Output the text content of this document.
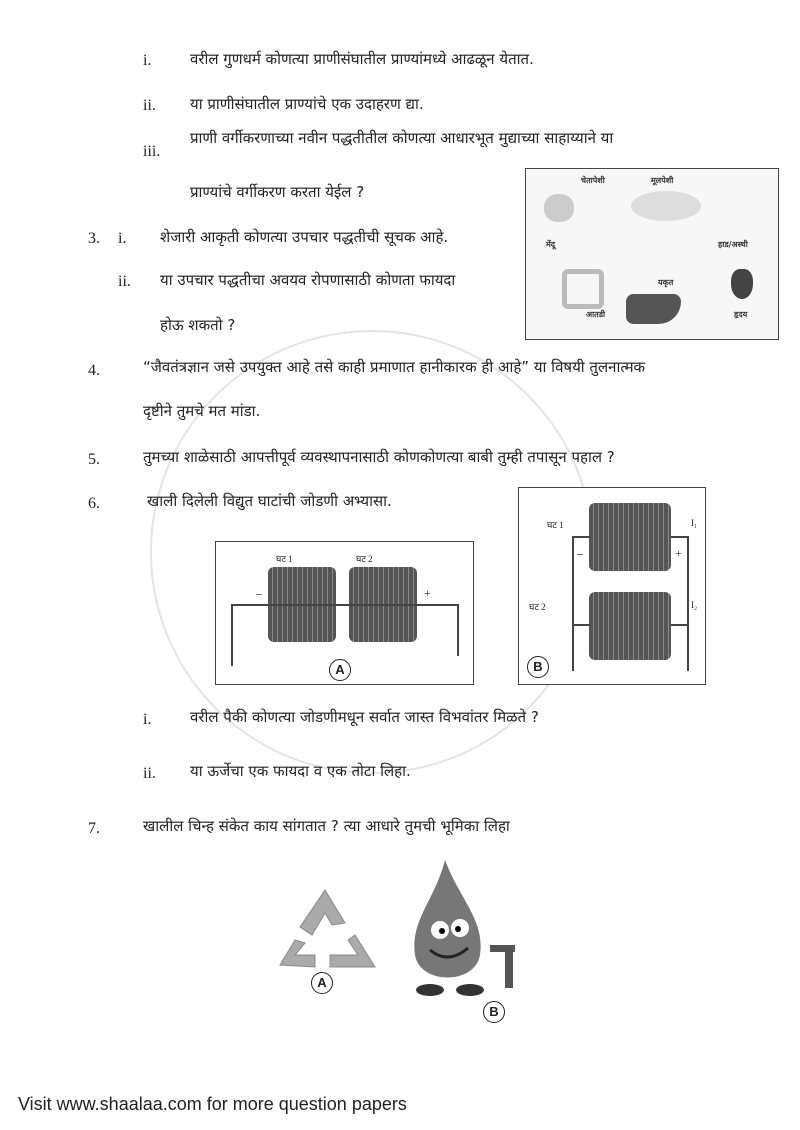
i.	वरील गुणधर्म कोणत्या प्राणीसंघातील प्राण्यांमध्ये आढळून येतात.
ii. या प्राणीसंघातील प्राण्यांचे एक उदाहरण द्या.
iii.
प्राणी वर्गीकरणाच्या नवीन पद्धतीतील कोणत्या आधारभूत मुद्याच्या साहाय्याने या
प्राण्यांचे वर्गीकरण करता येईल ?
3. i. शेजारी आकृती कोणत्या उपचार पद्धतीची सूचक आहे.
ii. या उपचार पद्धतीचा अवयव रोपणासाठी कोणता फायदा
होऊ शकतो ?
चेतापेशी	मूलपेशी
मेंदू	हाड/अस्थी
आतडी
यकृत
हृदय
4.	“जैवतंत्रज्ञान जसे उपयुक्त आहे तसे काही प्रमाणात हानीकारक ही आहे” या विषयी तुलनात्मक
दृष्टीने तुमचे मत मांडा.
5.	तुमच्या शाळेसाठी आपत्तीपूर्व व्यवस्थापनासाठी कोणकोणत्या बाबी तुम्ही तपासून पहाल ?
6.	खाली दिलेली विद्युत घाटांची जोडणी अभ्यासा.
घट 1	घट 2
–	+
A
घट 1
घट 2
I₁
I₂
–	+
B
i.	वरील पैकी कोणत्या जोडणीमधून सर्वात जास्त विभवांतर मिळते ?
ii. या ऊर्जेचा एक फायदा व एक तोटा लिहा.
7.	खालील चिन्ह संकेत काय सांगतात ? त्या आधारे तुमची भूमिका लिहा
A
B
Visit www.shaalaa.com for more question papers
